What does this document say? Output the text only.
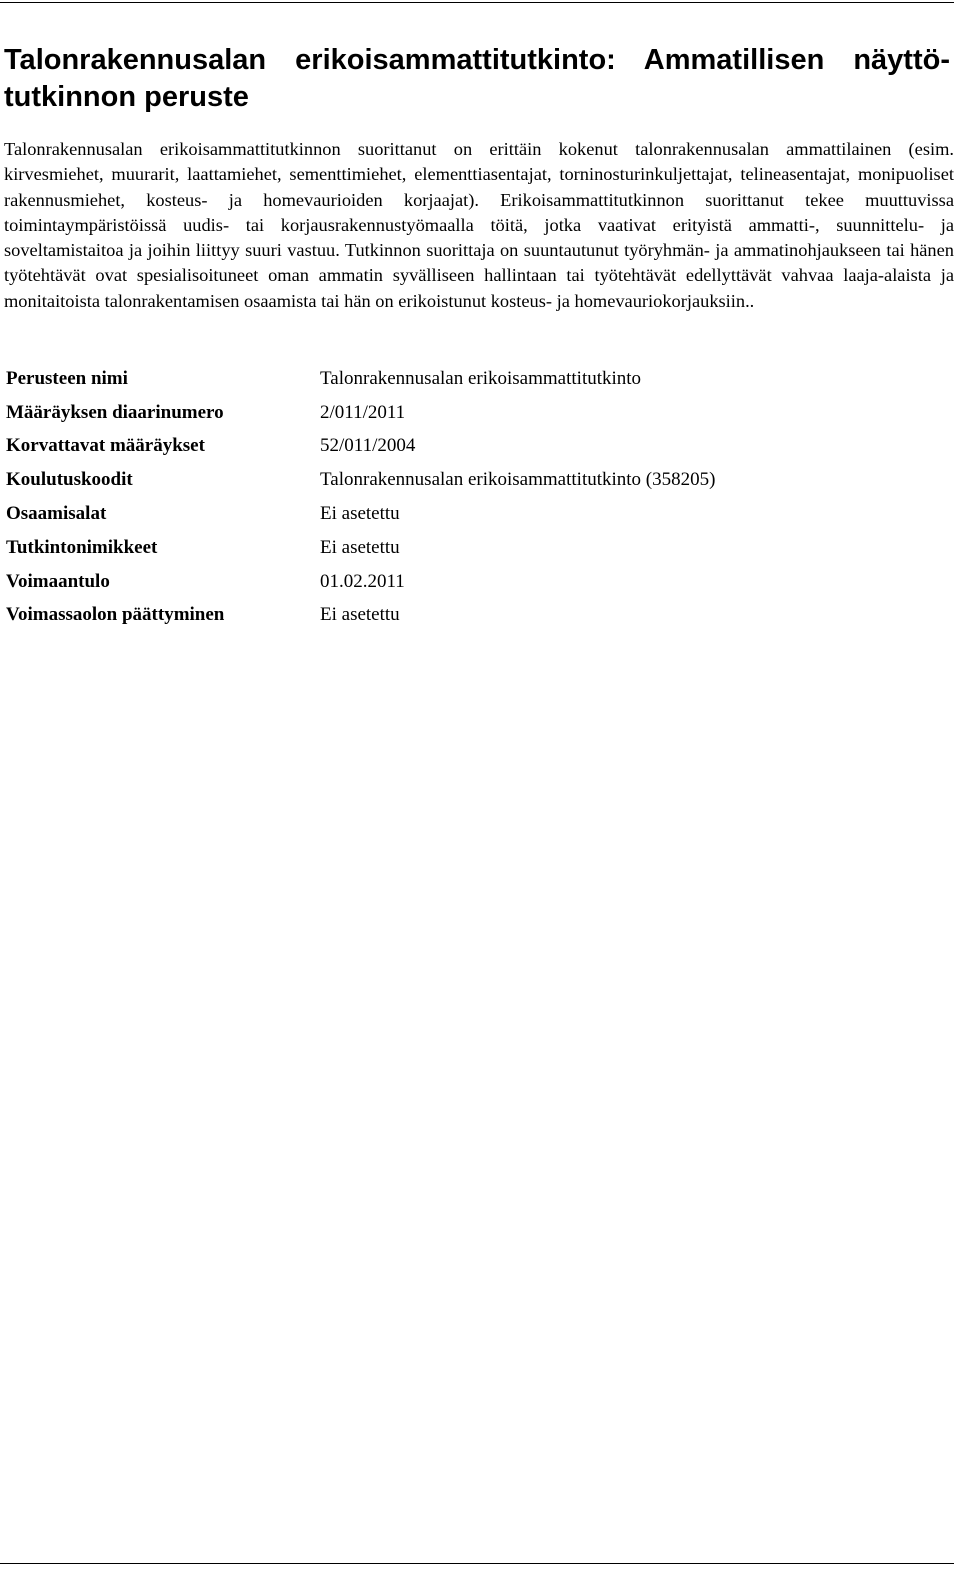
Talonrakennusalan erikoisammattitutkinto: Ammatillisen näyttötutkinnon peruste

Talonrakennusalan erikoisammattitutkinnon suorittanut on erittäin kokenut talonrakennusalan ammattilainen (esim. kirvesmiehet, muurarit, laattamiehet, sementtimiehet, elementtiasentajat, torninosturinkuljettajat, telineasentajat, monipuoliset rakennusmiehet, kosteus- ja homevaurioiden korjaajat). Erikoisammattitutkinnon suorittanut tekee muuttuvissa toimintaympäristöissä uudis- tai korjausrakennustyömaalla töitä, jotka vaativat erityistä ammatti-, suunnittelu- ja soveltamistaitoa ja joihin liittyy suuri vastuu. Tutkinnon suorittaja on suuntautunut työryhmän- ja ammatinohjaukseen tai hänen työtehtävät ovat spesialisoituneet oman ammatin syvälliseen hallintaan tai työtehtävät edellyttävät vahvaa laaja-alaista ja monitaitoista talonrakentamisen osaamista tai hän on erikoistunut kosteus- ja homevauriokorjauksiin..

Perusteen nimi	Talonrakennusalan erikoisammattitutkinto
Määräyksen diaarinumero	2/011/2011
Korvattavat määräykset	52/011/2004
Koulutuskoodit	Talonrakennusalan erikoisammattitutkinto (358205)
Osaamisalat	Ei asetettu
Tutkintonimikkeet	Ei asetettu
Voimaantulo	01.02.2011
Voimassaolon päättyminen	Ei asetettu
